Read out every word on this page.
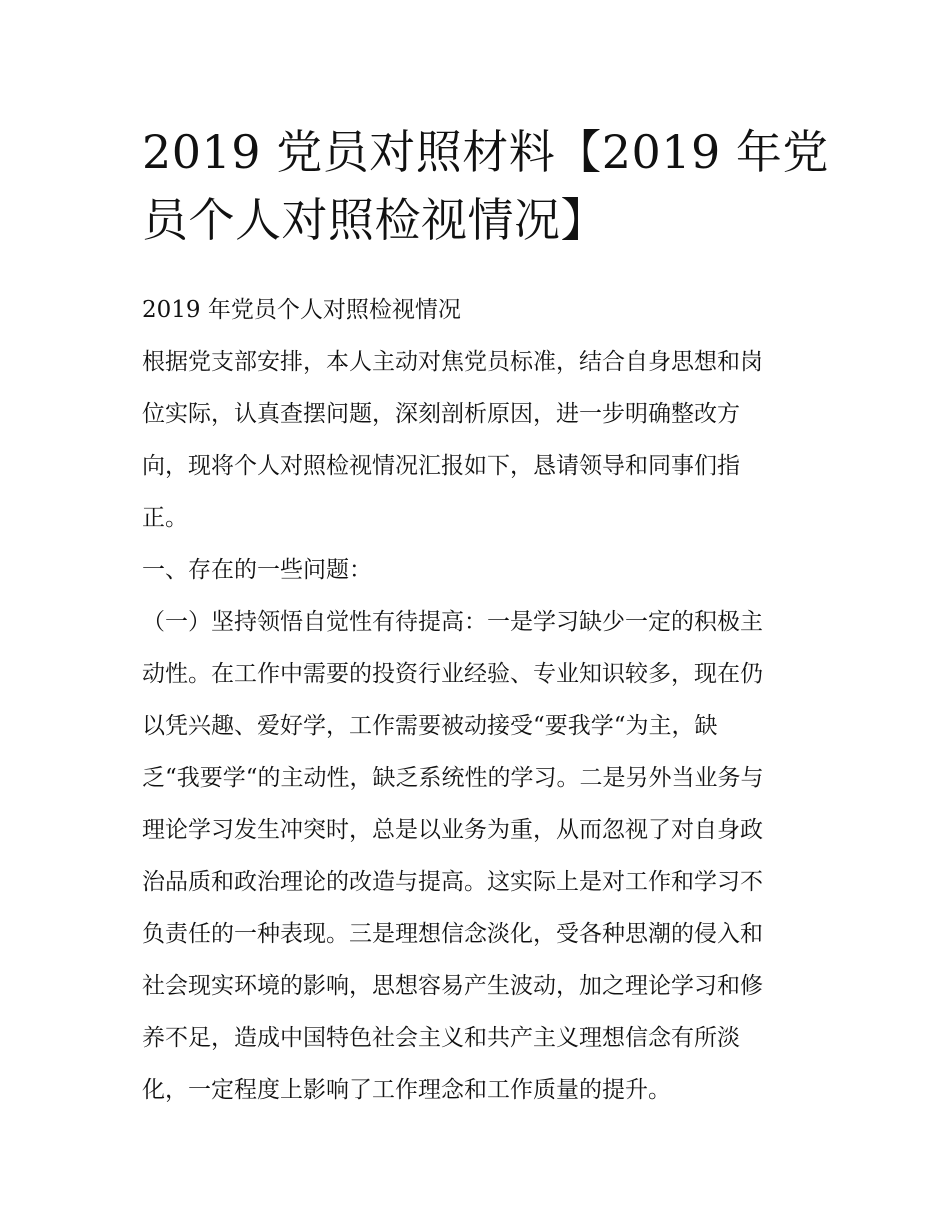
2019 党员对照材料【2019 年党
员个人对照检视情况】

2019 年党员个人对照检视情况

根据党支部安排，本人主动对焦党员标准，结合自身思想和岗
位实际，认真查摆问题，深刻剖析原因，进一步明确整改方
向，现将个人对照检视情况汇报如下，恳请领导和同事们指
正。

一、存在的一些问题：

（一）坚持领悟自觉性有待提高：一是学习缺少一定的积极主
动性。在工作中需要的投资行业经验、专业知识较多，现在仍
以凭兴趣、爱好学，工作需要被动接受“要我学“为主，缺
乏“我要学“的主动性，缺乏系统性的学习。二是另外当业务与
理论学习发生冲突时，总是以业务为重，从而忽视了对自身政
治品质和政治理论的改造与提高。这实际上是对工作和学习不
负责任的一种表现。三是理想信念淡化，受各种思潮的侵入和
社会现实环境的影响，思想容易产生波动，加之理论学习和修
养不足，造成中国特色社会主义和共产主义理想信念有所淡
化，一定程度上影响了工作理念和工作质量的提升。
